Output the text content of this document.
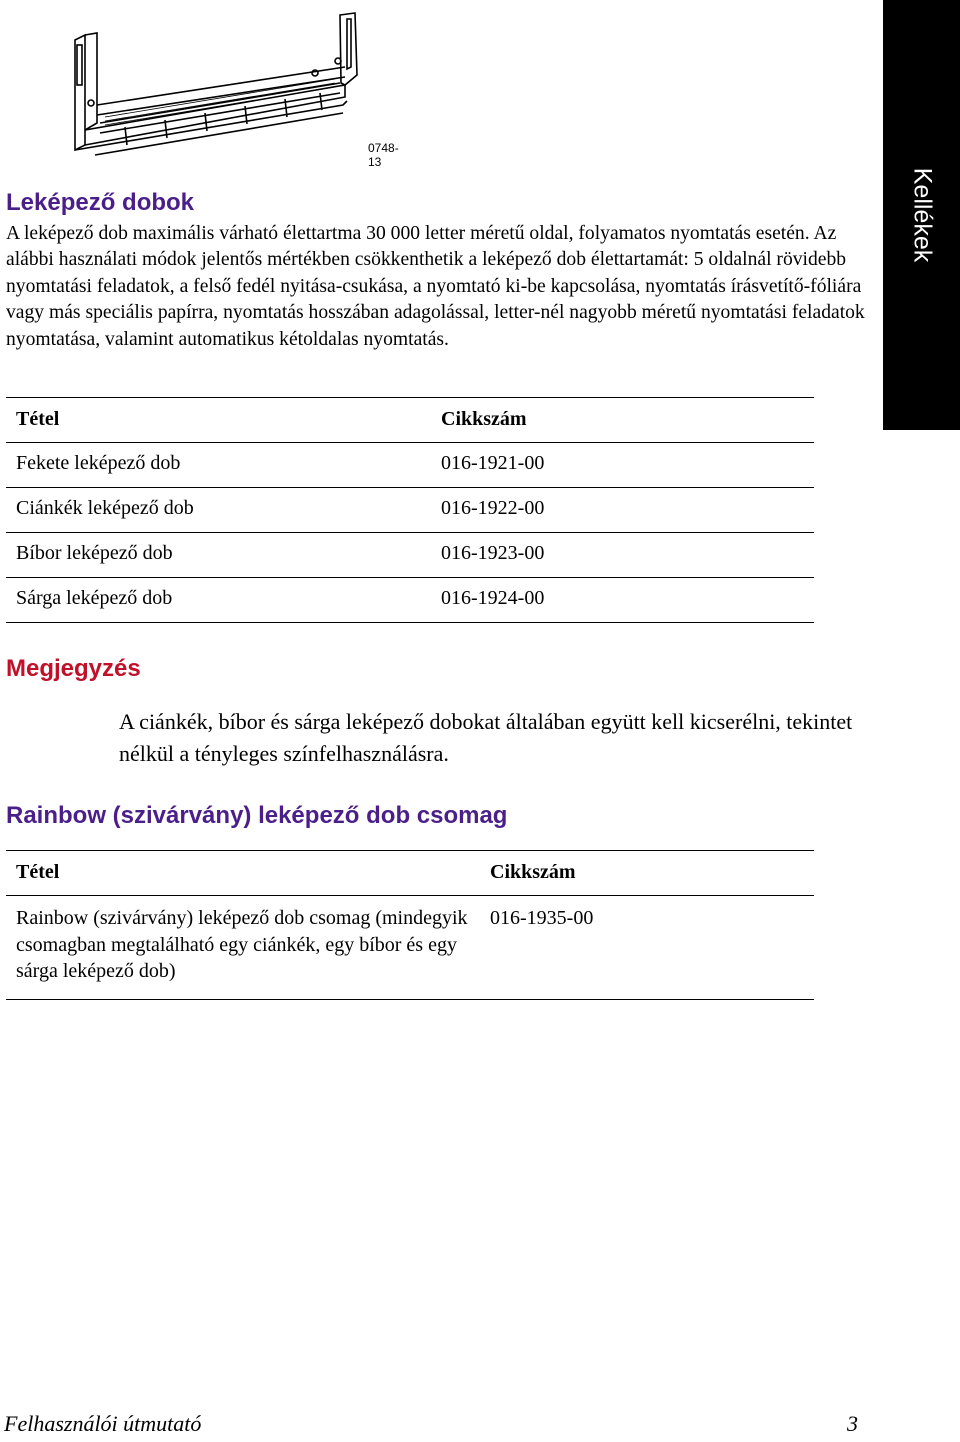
0748-13
Kellékek
Leképező dobok

A leképező dob maximális várható élettartma 30 000 letter méretű oldal, folyamatos nyomtatás esetén. Az alábbi használati módok jelentős mértékben csökkenthetik a leképező dob élettartamát: 5 oldalnál rövidebb nyomtatási feladatok, a felső fedél nyitása-csukása, a nyomtató ki-be kapcsolása, nyomtatás írásvetítő-fóliára vagy más speciális papírra, nyomtatás hosszában adagolással, letter-nél nagyobb méretű nyomtatási feladatok nyomtatása, valamint automatikus kétoldalas nyomtatás.

Tétel	Cikkszám
Fekete leképező dob	016-1921-00
Ciánkék leképező dob	016-1922-00
Bíbor leképező dob	016-1923-00
Sárga leképező dob	016-1924-00
Megjegyzés

A ciánkék, bíbor és sárga leképező dobokat általában együtt kell kicserélni, tekintet nélkül a tényleges színfelhasználásra.

Rainbow (szivárvány) leképező dob csomag
Tétel	Cikkszám
Rainbow (szivárvány) leképező dob csomag (mindegyik csomagban megtalálható egy ciánkék, egy bíbor és egy sárga leképező dob)	016-1935-00
Felhasználói útmutató	3
